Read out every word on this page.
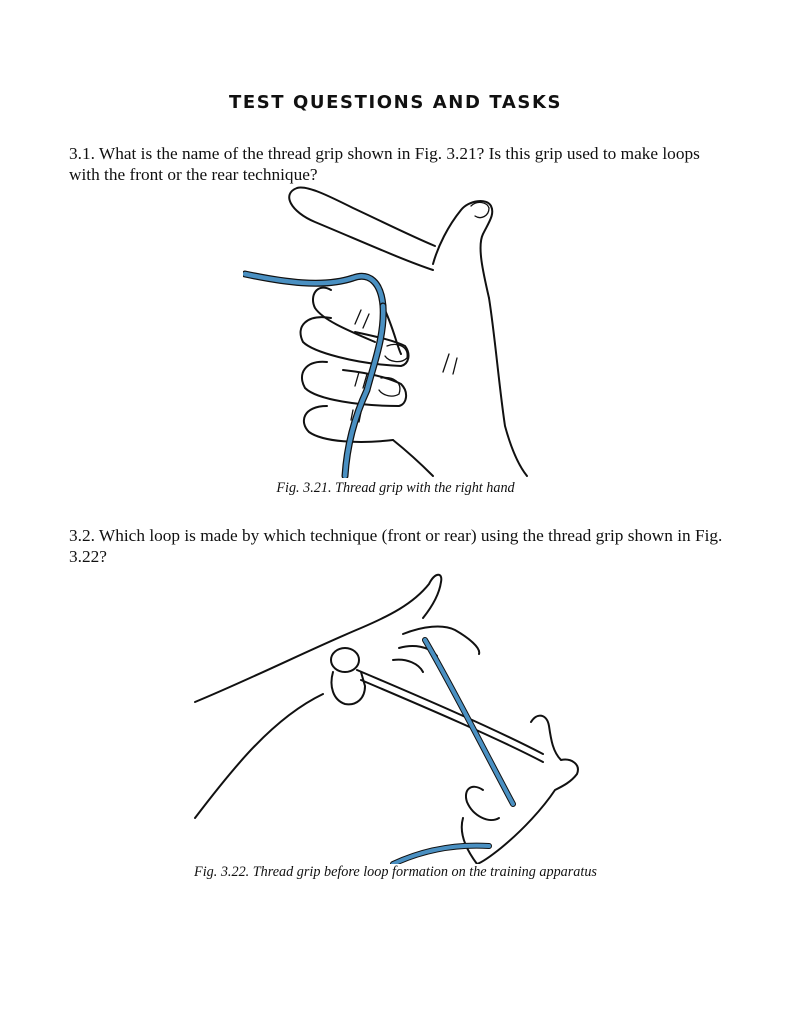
TEST QUESTIONS AND TASKS
3.1. What is the name of the thread grip shown in Fig. 3.21? Is this grip used to make loops with the front or the rear technique?
Fig. 3.21. Thread grip with the right hand
3.2. Which loop is made by which technique (front or rear) using the thread grip shown in Fig. 3.22?
Fig. 3.22. Thread grip before loop formation on the training apparatus
